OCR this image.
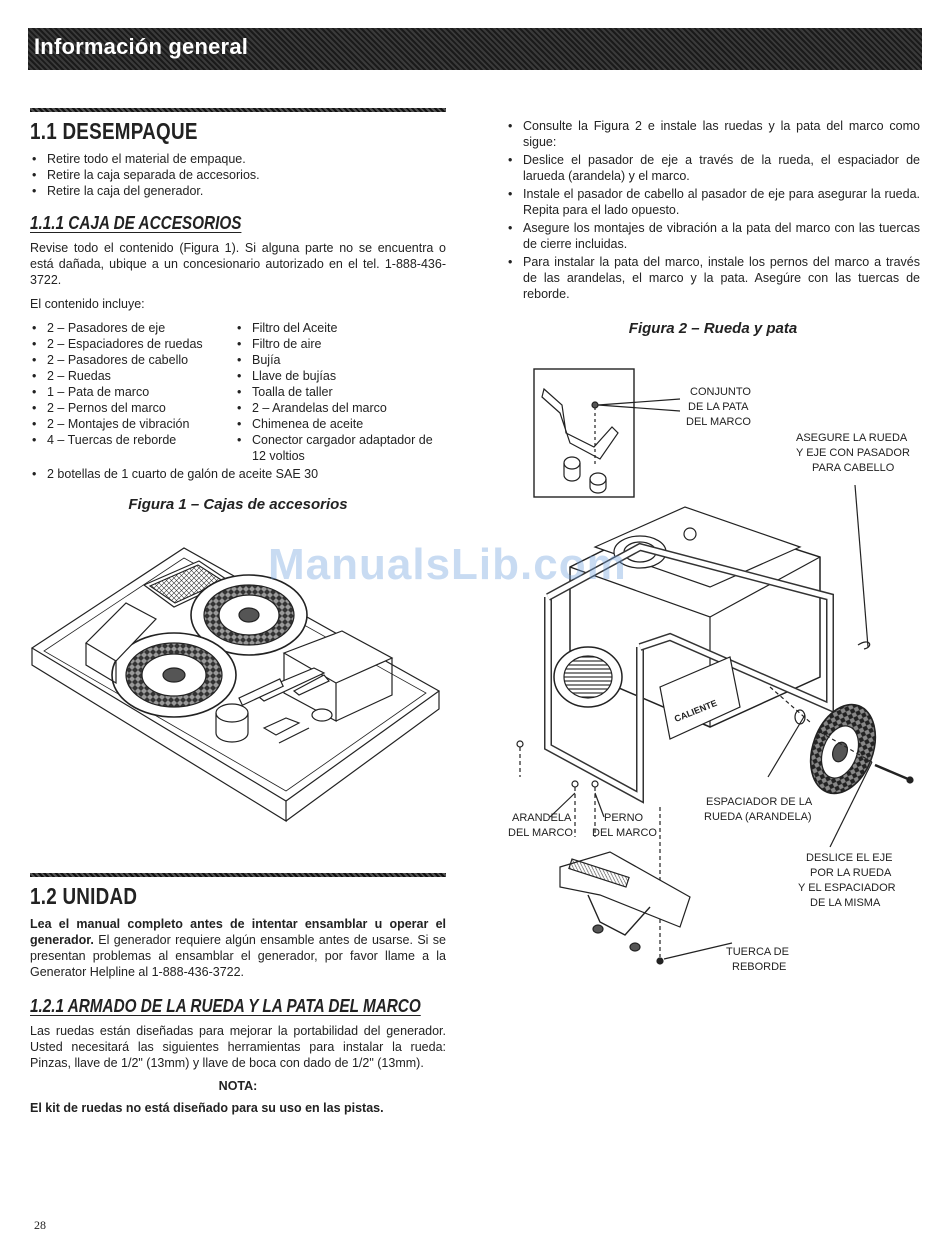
Información general
1.1 DESEMPAQUE
• Retire todo el material de empaque.
• Retire la caja separada de accesorios.
• Retire la caja del generador.
1.1.1 CAJA DE ACCESORIOS

Revise todo el contenido (Figura 1). Si alguna parte no se encuentra o está dañada, ubique a un concesionario autorizado en el tel. 1-888-436-3722.

El contenido incluye:

• 2 – Pasadores de eje
• 2 – Espaciadores de ruedas
• 2 – Pasadores de cabello
• 2 – Ruedas
• 1 – Pata de marco
• 2 – Pernos del marco
• 2 – Montajes de vibración
• 4 – Tuercas de reborde
• Filtro del Aceite
• Filtro de aire
• Bujía
• Llave de bujías
• Toalla de taller
• 2 – Arandelas del marco
• Chimenea de aceite
• Conector cargador adaptador de 12 voltios
• 2 botellas de 1 cuarto de galón de aceite SAE 30
Figura 1 – Cajas de accesorios
1.2 UNIDAD

Lea el manual completo antes de intentar ensamblar u operar el generador. El generador requiere algún ensamble antes de usarse. Si se presentan problemas al ensamblar el generador, por favor llame a la Generator Helpline al 1-888-436-3722.

1.2.1 ARMADO DE LA RUEDA Y LA PATA DEL MARCO

Las ruedas están diseñadas para mejorar la portabilidad del generador. Usted necesitará las siguientes herramientas para instalar la rueda: Pinzas, llave de 1/2" (13mm) y llave de boca con dado de 1/2" (13mm).

NOTA:
El kit de ruedas no está diseñado para su uso en las pistas.
• Consulte la Figura 2 e instale las ruedas y la pata del marco como sigue:
• Deslice el pasador de eje a través de la rueda, el espaciador de larueda (arandela) y el marco.
• Instale el pasador de cabello al pasador de eje para asegurar la rueda. Repita para el lado opuesto.
• Asegure los montajes de vibración a la pata del marco con las tuercas de cierre incluidas.
• Para instalar la pata del marco, instale los pernos del marco a través de las arandelas, el marco y la pata. Asegúre con las tuercas de reborde.
Figura 2 – Rueda y pata
CALIENTE
CONJUNTO
DE LA PATA
DEL MARCO
ASEGURE LA RUEDA
Y EJE CON PASADOR
PARA CABELLO
ARANDELA
DEL MARCO
PERNO
DEL MARCO
ESPACIADOR DE LA
RUEDA (ARANDELA)
DESLICE EL EJE
POR LA RUEDA
Y EL ESPACIADOR
DE LA MISMA
TUERCA DE
REBORDE
ManualsLib.com
28
